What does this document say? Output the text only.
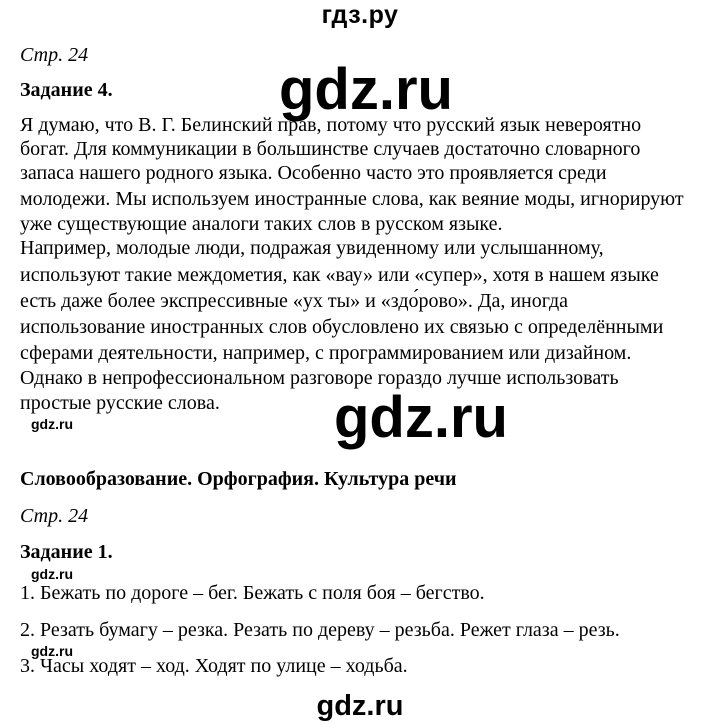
гдз.ру
Стр. 24
gdz.ru
Задание 4.
Я думаю, что В. Г. Белинский прав, потому что русский язык невероятно
богат. Для коммуникации в большинстве случаев достаточно словарного
запаса нашего родного языка. Особенно часто это проявляется среди
молодежи. Мы используем иностранные слова, как веяние моды, игнорируют
уже существующие аналоги таких слов в русском языке.
Например, молодые люди, подражая увиденному или услышанному,
используют такие междометия, как «вау» или «супер», хотя в нашем языке
есть даже более экспрессивные «ух ты» и «здо́рово». Да, иногда
использование иностранных слов обусловлено их связью с определёнными
сферами деятельности, например, с программированием или дизайном.
Однако в непрофессиональном разговоре гораздо лучше использовать
простые русские слова. gdz.ru
gdz.ru
Словообразование. Орфография. Культура речи
Стр. 24
Задание 1.
gdz.ru
1. Бежать по дороге – бег. Бежать с поля боя – бегство.
2. Резать бумагу – резка. Резать по дереву – резьба. Режет глаза – резь.
gdz.ru
3. Часы ходят – ход. Ходят по улице – ходьба.
gdz.ru
